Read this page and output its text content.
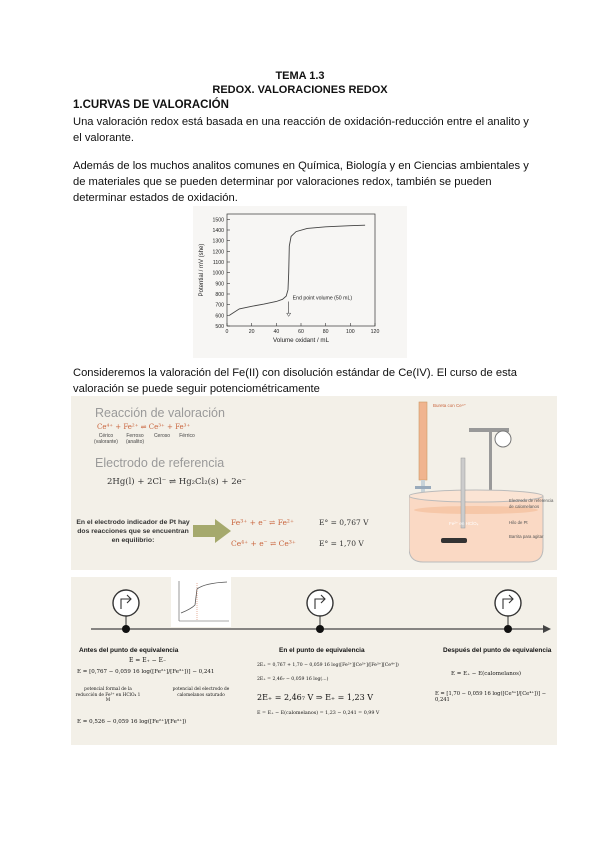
TEMA 1.3
REDOX. VALORACIONES REDOX
1.CURVAS DE VALORACIÓN
Una valoración redox está basada en una reacción de oxidación-reducción entre el analito y el valorante.
Además de los muchos analitos comunes en Química, Biología y en Ciencias ambientales y de materiales que se pueden determinar por valoraciones redox, también se pueden determinar estados de oxidación.
500
600
700
800
900
1000
1100
1200
1300
1400
1500
0	20	40	60	80	100	120
Volume oxidant / mL
Potential / mV (she)
End point volume (50 mL)
Consideremos la valoración del Fe(II) con disolución estándar de Ce(IV). El curso de esta valoración se puede seguir potenciométricamente
Reacción de valoración
Ce⁴⁺ + Fe²⁺ ⇌ Ce³⁺ + Fe³⁺
Cérico (valorante)
Ferroso (analito)
Ceroso	Férrico
Electrodo de referencia
2Hg(l) + 2Cl⁻ ⇌ Hg₂Cl₂(s) + 2e⁻
En el electrodo indicador de Pt hay dos reacciones que se encuentran en equilibrio:
Fe³⁺ + e⁻ ⇌ Fe²⁺	E° = 0,767 V
Ce⁴⁺ + e⁻ ⇌ Ce³⁺	E° = 1,70 V
Bureta con Ce⁴⁺
Fe²⁺ en HClO₄
Electrodo de referencia de calomelanos
Hilo de Pt
Barrita para agitar
Antes del punto de equivalencia
E = E₊ − E₋
E = [0,767 − 0,059 16 log([Fe²⁺]/[Fe³⁺])] − 0,241
potencial formal de la reducción de Fe³⁺ en HClO₄ 1 M
potencial del electrodo de calomelanos saturado
E = 0,526 − 0,059 16 log([Fe²⁺]/[Fe³⁺])
En el punto de equivalencia
2E₊ = 0,767 + 1,70 − 0,059 16 log([Fe²⁺][Ce³⁺]/[Fe³⁺][Ce⁴⁺])
2E₊ = 2,46₇ − 0,059 16 log(...)
2E₊ = 2,46₇ V ⇒ E₊ = 1,23 V
E = E₊ − E(calomelanos) = 1,23 − 0,241 = 0,99 V
Después del punto de equivalencia
E = E₊ − E(calomelanos)
E = [1,70 − 0,059 16 log([Ce³⁺]/[Ce⁴⁺])] − 0,241
